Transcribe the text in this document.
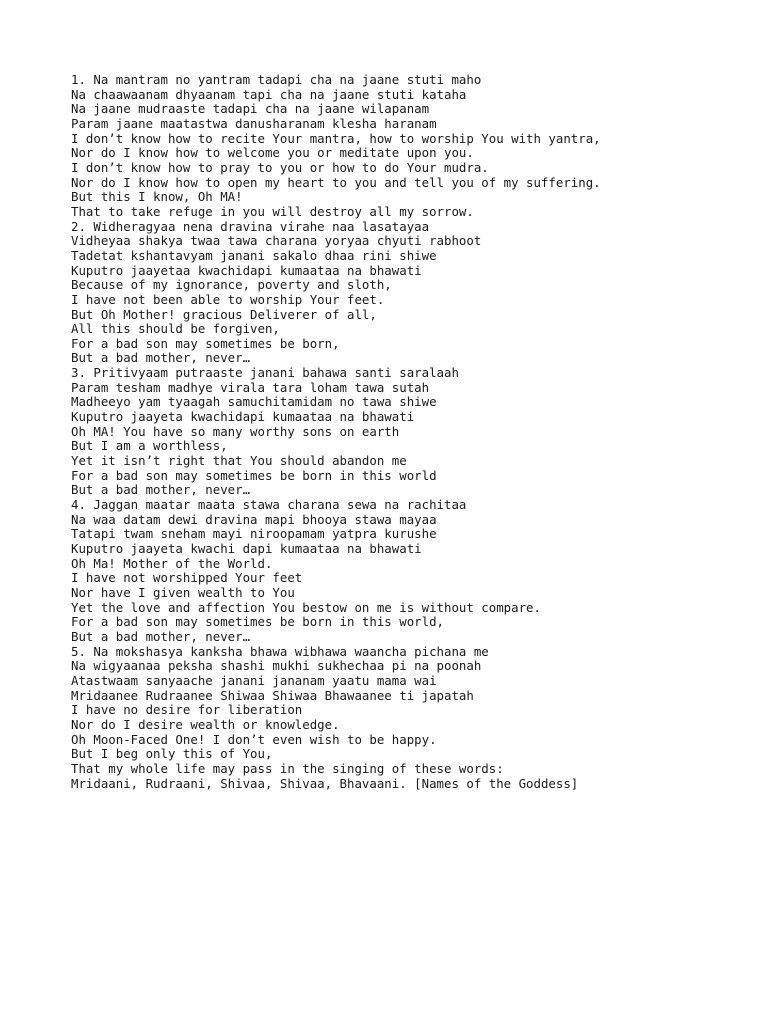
1. Na mantram no yantram tadapi cha na jaane stuti maho
Na chaawaanam dhyaanam tapi cha na jaane stuti kataha
Na jaane mudraaste tadapi cha na jaane wilapanam
Param jaane maatastwa danusharanam klesha haranam
I don’t know how to recite Your mantra, how to worship You with yantra,
Nor do I know how to welcome you or meditate upon you.
I don’t know how to pray to you or how to do Your mudra.
Nor do I know how to open my heart to you and tell you of my suffering.
But this I know, Oh MA!
That to take refuge in you will destroy all my sorrow.
2. Widheragyaa nena dravina virahe naa lasatayaa
Vidheyaa shakya twaa tawa charana yoryaa chyuti rabhoot
Tadetat kshantavyam janani sakalo dhaa rini shiwe
Kuputro jaayetaa kwachidapi kumaataa na bhawati
Because of my ignorance, poverty and sloth,
I have not been able to worship Your feet.
But Oh Mother! gracious Deliverer of all,
All this should be forgiven,
For a bad son may sometimes be born,
But a bad mother, never…
3. Pritivyaam putraaste janani bahawa santi saralaah
Param tesham madhye virala tara loham tawa sutah
Madheeyo yam tyaagah samuchitamidam no tawa shiwe
Kuputro jaayeta kwachidapi kumaataa na bhawati
Oh MA! You have so many worthy sons on earth
But I am a worthless,
Yet it isn’t right that You should abandon me
For a bad son may sometimes be born in this world
But a bad mother, never…
4. Jaggan maatar maata stawa charana sewa na rachitaa
Na waa datam dewi dravina mapi bhooya stawa mayaa
Tatapi twam sneham mayi niroopamam yatpra kurushe
Kuputro jaayeta kwachi dapi kumaataa na bhawati
Oh Ma! Mother of the World.
I have not worshipped Your feet
Nor have I given wealth to You
Yet the love and affection You bestow on me is without compare.
For a bad son may sometimes be born in this world,
But a bad mother, never…
5. Na mokshasya kanksha bhawa wibhawa waancha pichana me
Na wigyaanaa peksha shashi mukhi sukhechaa pi na poonah
Atastwaam sanyaache janani jananam yaatu mama wai
Mridaanee Rudraanee Shiwaa Shiwaa Bhawaanee ti japatah
I have no desire for liberation
Nor do I desire wealth or knowledge.
Oh Moon-Faced One! I don’t even wish to be happy.
But I beg only this of You,
That my whole life may pass in the singing of these words:
Mridaani, Rudraani, Shivaa, Shivaa, Bhavaani. [Names of the Goddess]
